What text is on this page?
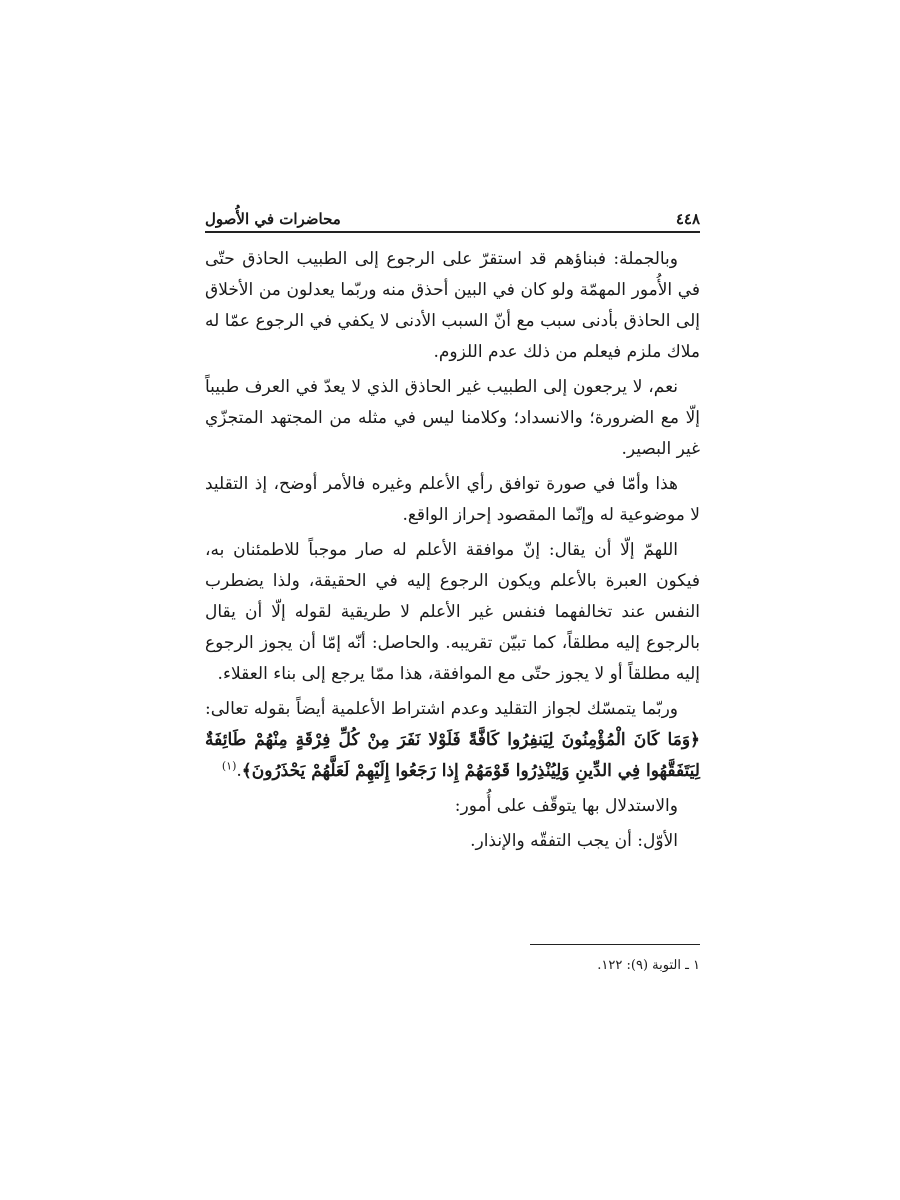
٤٤٨
محاضرات في الأُصول

وبالجملة: فبناؤهم قد استقرّ على الرجوع إلى الطبيب الحاذق حتّى في الأُمور المهمّة ولو كان في البين أحذق منه وربّما يعدلون من الأخلاق إلى الحاذق بأدنى سبب مع أنّ السبب الأدنى لا يكفي في الرجوع عمّا له ملاك ملزم فيعلم من ذلك عدم اللزوم.

نعم، لا يرجعون إلى الطبيب غير الحاذق الذي لا يعدّ في العرف طبيباً إلّا مع الضرورة؛ والانسداد؛ وكلامنا ليس في مثله من المجتهد المتجزّي غير البصير.

هذا وأمّا في صورة توافق رأي الأعلم وغيره فالأمر أوضح، إذ التقليد لا موضوعية له وإنّما المقصود إحراز الواقع.

اللهمّ إلّا أن يقال: إنّ موافقة الأعلم له صار موجباً للاطمئنان به، فيكون العبرة بالأعلم ويكون الرجوع إليه في الحقيقة، ولذا يضطرب النفس عند تخالفهما فنفس غير الأعلم لا طريقية لقوله إلّا أن يقال بالرجوع إليه مطلقاً، كما تبيّن تقريبه. والحاصل: أنّه إمّا أن يجوز الرجوع إليه مطلقاً أو لا يجوز حتّى مع الموافقة، هذا ممّا يرجع إلى بناء العقلاء.

وربّما يتمسّك لجواز التقليد وعدم اشتراط الأعلمية أيضاً بقوله تعالى: ﴿وَمَا كَانَ الْمُؤْمِنُونَ لِيَنفِرُوا كَافَّةً فَلَوْلا نَفَرَ مِنْ كُلِّ فِرْقَةٍ مِنْهُمْ طَائِفَةٌ لِيَتَفَقَّهُوا فِي الدِّينِ وَلِيُنْذِرُوا قَوْمَهُمْ إِذا رَجَعُوا إِلَيْهِمْ لَعَلَّهُمْ يَحْذَرُونَ﴾.$^{(١)}$

والاستدلال بها يتوقّف على أُمور:

الأوّل: أن يجب التفقّه والإنذار.

١ ـ التوبة (٩): ١٢٢.
